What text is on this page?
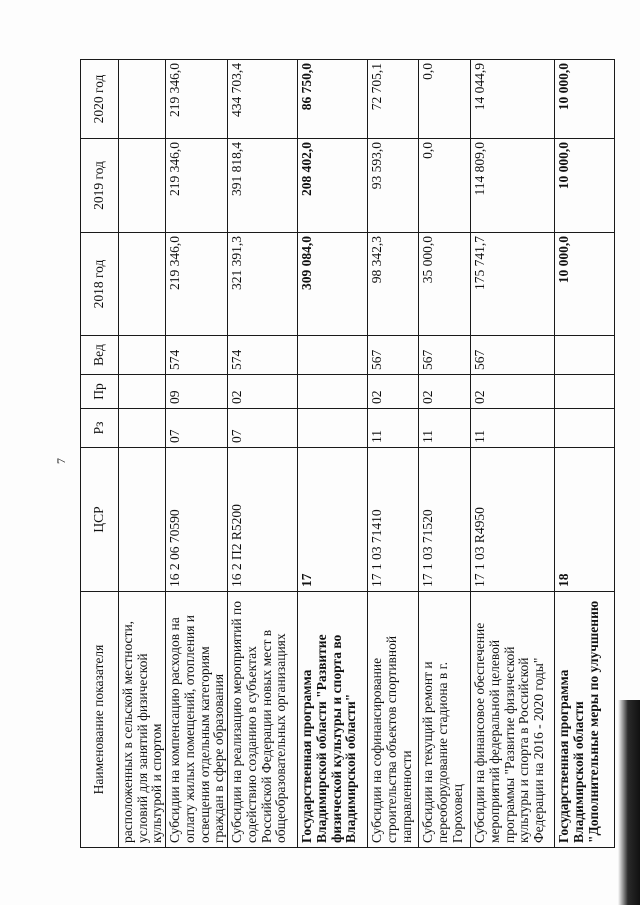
7
Наименование показателя	ЦСР	Рз	Пр	Вед	2018 год	2019 год	2020 год
расположенных в сельской местности,
условий для занятий физической
культурой и спортом							
Субсидии на компенсацию расходов на
оплату жилых помещений, отопления и
освещения отдельным категориям
граждан в сфере образования	16 2 06 70590	07	09	574	219 346,0	219 346,0	219 346,0
Субсидии на реализацию мероприятий по
содействию созданию в субъектах
Российской Федерации новых мест в
общеобразовательных организациях	16 2 П2 R5200	07	02	574	321 391,3	391 818,4	434 703,4
Государственная программа
Владимирской области "Развитие
физической культуры и спорта во
Владимирской области"	17				309 084,0	208 402,0	86 750,0
Субсидии на софинансирование
строительства объектов спортивной
направленности	17 1 03 71410	11	02	567	98 342,3	93 593,0	72 705,1
Субсидии на текущий ремонт и
переоборудование стадиона в г.
Гороховец	17 1 03 71520	11	02	567	35 000,0	0,0	0,0
Субсидии на финансовое обеспечение
мероприятий федеральной целевой
программы "Развитие физической
культуры и спорта в Российской
Федерации на 2016 - 2020 годы"	17 1 03 R4950	11	02	567	175 741,7	114 809,0	14 044,9
Государственная программа
Владимирской области
"Дополнительные меры по улучшению	18				10 000,0	10 000,0	10 000,0
